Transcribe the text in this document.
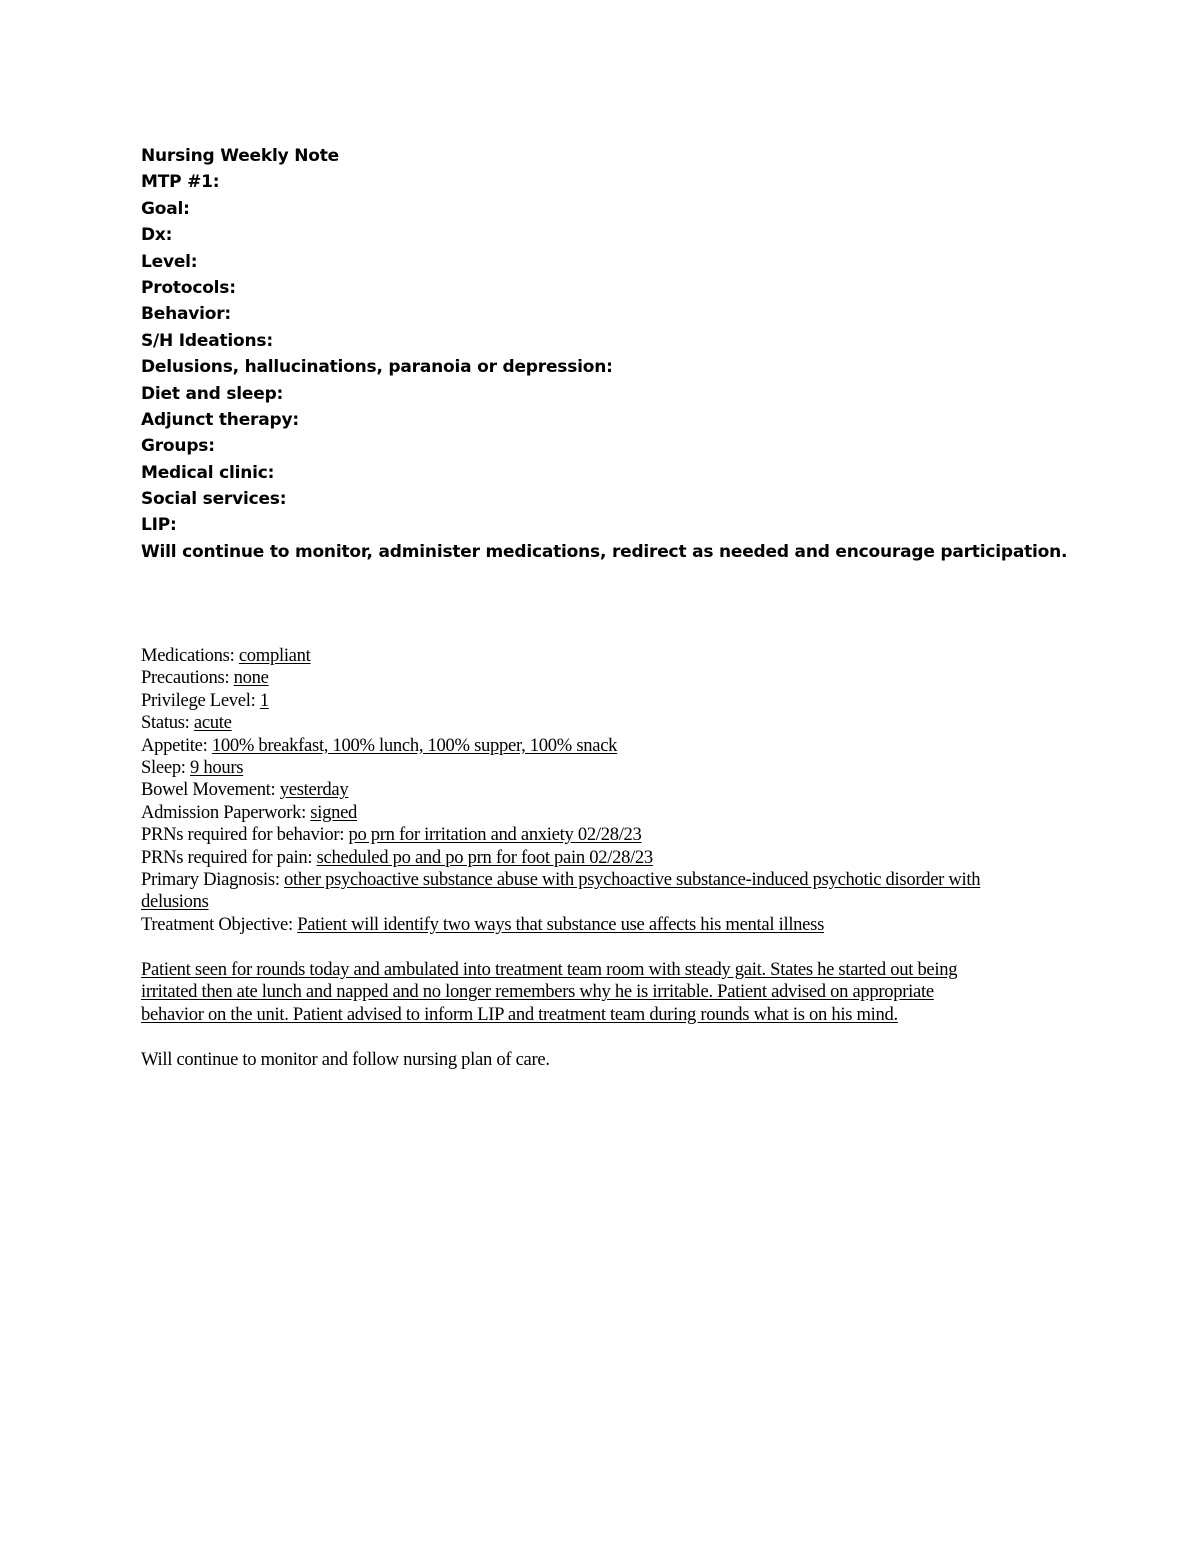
Nursing Weekly Note
MTP #1:
Goal:
Dx:
Level:
Protocols:
Behavior:
S/H Ideations:
Delusions, hallucinations, paranoia or depression:
Diet and sleep:
Adjunct therapy:
Groups:
Medical clinic:
Social services:
LIP:
Will continue to monitor, administer medications, redirect as needed and encourage participation.
Medications: compliant
Precautions: none
Privilege Level: 1
Status: acute
Appetite: 100% breakfast, 100% lunch, 100% supper, 100% snack
Sleep: 9 hours
Bowel Movement: yesterday
Admission Paperwork: signed
PRNs required for behavior: po prn for irritation and anxiety 02/28/23
PRNs required for pain: scheduled po and po prn for foot pain 02/28/23
Primary Diagnosis: other psychoactive substance abuse with psychoactive substance-induced psychotic disorder with delusions
Treatment Objective: Patient will identify two ways that substance use affects his mental illness
Patient seen for rounds today and ambulated into treatment team room with steady gait. States he started out being
irritated then ate lunch and napped and no longer remembers why he is irritable. Patient advised on appropriate
behavior on the unit. Patient advised to inform LIP and treatment team during rounds what is on his mind.
Will continue to monitor and follow nursing plan of care.
